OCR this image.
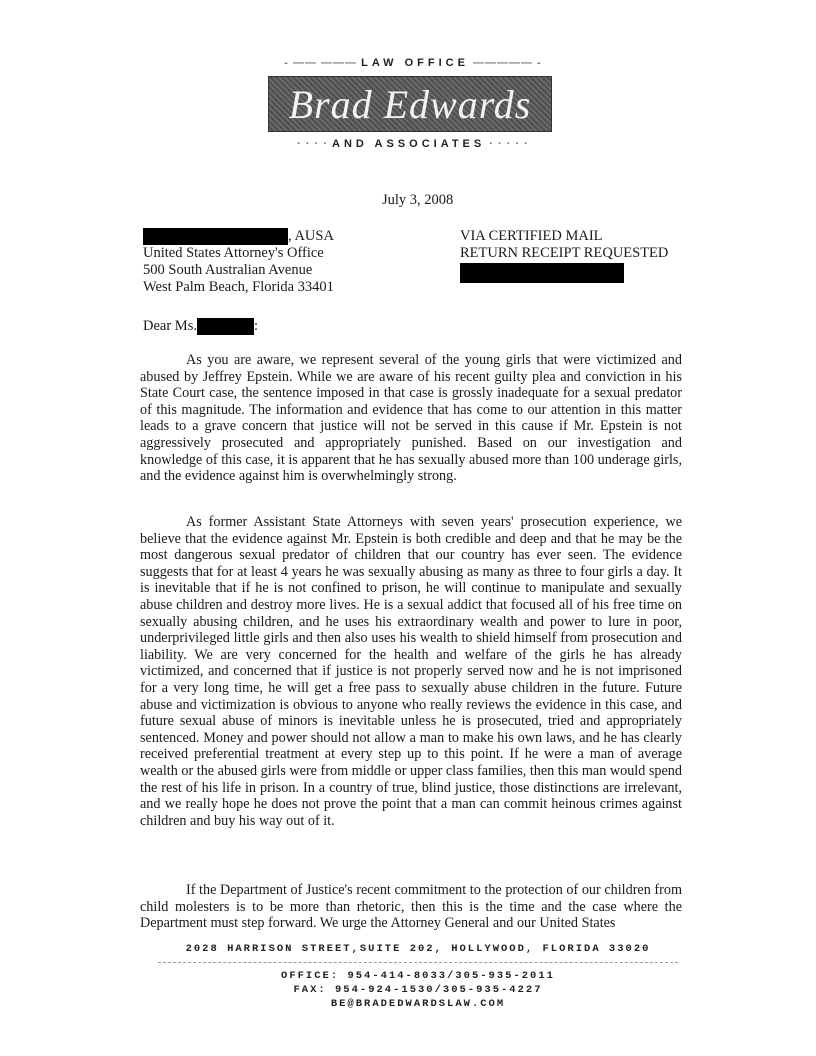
- —— ——— LAW OFFICE ————— -
Brad Edwards
· · · · AND ASSOCIATES · · · · ·
July 3, 2008
, AUSA
United States Attorney's Office
500 South Australian Avenue
West Palm Beach, Florida 33401
VIA CERTIFIED MAIL
RETURN RECEIPT REQUESTED
Dear Ms.	:

As you are aware, we represent several of the young girls that were victimized and abused by Jeffrey Epstein. While we are aware of his recent guilty plea and conviction in his State Court case, the sentence imposed in that case is grossly inadequate for a sexual predator of this magnitude. The information and evidence that has come to our attention in this matter leads to a grave concern that justice will not be served in this cause if Mr. Epstein is not aggressively prosecuted and appropriately punished. Based on our investigation and knowledge of this case, it is apparent that he has sexually abused more than 100 underage girls, and the evidence against him is overwhelmingly strong.

As former Assistant State Attorneys with seven years' prosecution experience, we believe that the evidence against Mr. Epstein is both credible and deep and that he may be the most dangerous sexual predator of children that our country has ever seen. The evidence suggests that for at least 4 years he was sexually abusing as many as three to four girls a day. It is inevitable that if he is not confined to prison, he will continue to manipulate and sexually abuse children and destroy more lives. He is a sexual addict that focused all of his free time on sexually abusing children, and he uses his extraordinary wealth and power to lure in poor, underprivileged little girls and then also uses his wealth to shield himself from prosecution and liability. We are very concerned for the health and welfare of the girls he has already victimized, and concerned that if justice is not properly served now and he is not imprisoned for a very long time, he will get a free pass to sexually abuse children in the future. Future abuse and victimization is obvious to anyone who really reviews the evidence in this case, and future sexual abuse of minors is inevitable unless he is prosecuted, tried and appropriately sentenced. Money and power should not allow a man to make his own laws, and he has clearly received preferential treatment at every step up to this point. If he were a man of average wealth or the abused girls were from middle or upper class families, then this man would spend the rest of his life in prison. In a country of true, blind justice, those distinctions are irrelevant, and we really hope he does not prove the point that a man can commit heinous crimes against children and buy his way out of it.

If the Department of Justice's recent commitment to the protection of our children from child molesters is to be more than rhetoric, then this is the time and the case where the Department must step forward. We urge the Attorney General and our United States

2028 HARRISON STREET,SUITE 202, HOLLYWOOD, FLORIDA 33020
OFFICE: 954-414-8033/305-935-2011
FAX: 954-924-1530/305-935-4227
BE@BRADEDWARDSLAW.COM
